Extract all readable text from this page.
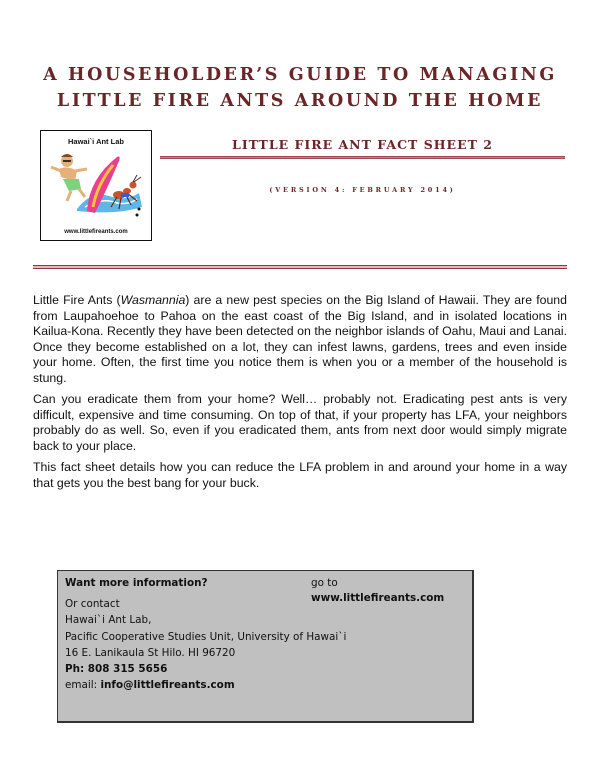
A HOUSEHOLDER’S GUIDE TO MANAGING
LITTLE FIRE ANTS AROUND THE HOME
Hawai`i Ant Lab
www.littlefireants.com
LITTLE FIRE ANT FACT SHEET 2
(VERSION 4: FEBRUARY 2014)

Little Fire Ants (Wasmannia) are a new pest species on the Big Island of Hawaii. They are found from Laupahoehoe to Pahoa on the east coast of the Big Island, and in isolated locations in Kailua-Kona. Recently they have been detected on the neighbor islands of Oahu, Maui and Lanai. Once they become established on a lot, they can infest lawns, gardens, trees and even inside your home. Often, the first time you notice them is when you or a member of the household is stung.

Can you eradicate them from your home? Well… probably not. Eradicating pest ants is very difficult, expensive and time consuming. On top of that, if your property has LFA, your neighbors probably do as well. So, even if you eradicated them, ants from next door would simply migrate back to your place.

This fact sheet details how you can reduce the LFA problem in and around your home in a way that gets you the best bang for your buck.

Want more information?	go to www.littlefireants.com
Or contact
Hawai`i Ant Lab,
Pacific Cooperative Studies Unit, University of Hawai`i
16 E. Lanikaula St Hilo. HI 96720
Ph: 808 315 5656
email: info@littlefireants.com
